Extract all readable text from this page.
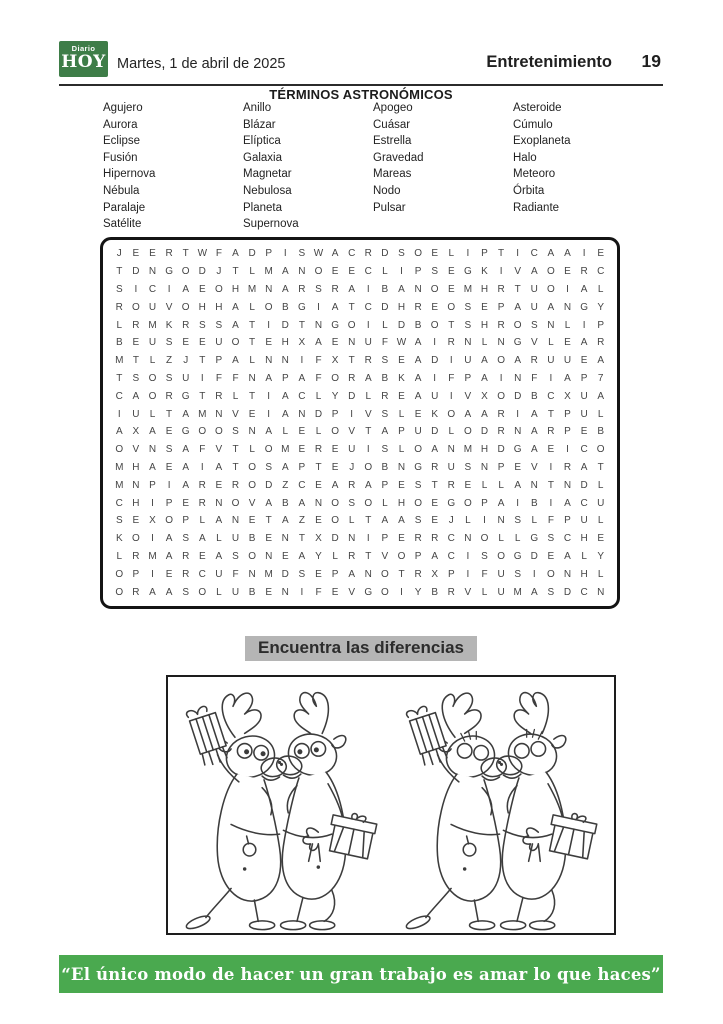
Diario
HOY Martes, 1 de abril de 2025	Entretenimiento 19
TÉRMINOS ASTRONÓMICOS
Agujero
Aurora
Eclipse
Fusión
Hipernova
Nébula
Paralaje
Satélite
Anillo
Blázar
Elíptica
Galaxia
Magnetar
Nebulosa
Planeta
Supernova
Apogeo
Cuásar
Estrella
Gravedad
Mareas
Nodo
Pulsar
Asteroide
Cúmulo
Exoplaneta
Halo
Meteoro
Órbita
Radiante
J	E E R T W F	A D P	I	S W A C R D S O E	L	I	P	T	I	C A A	I	E
T D N G O D	J	T	L M A N O E E C	L	I	P S E G K	I	V A O E R C
S	I	C	I	A E O H M N A R S R A	I	B A N O E M H R T U O	I	A	L
R O U V O H H A	L O B G	I	A	T C D H R E O S E P A U A N G Y
L	R M K R S S A	T	I	D T N G O	I	L	D B O T	S H R O S N	L	I	P
B E U S E E U O T	E H X A E N U F W A	I	R N	L	N G V	L	E A R
M T	L	Z	J	T	P A	L	N N	I	F	X	T R S E A D	I	U A O A R U U E A
T	S O S U	I	F	F N A P A	F O R A B K A	I	F	P A	I	N F	I	A P	7
C A O R G T R	L	T	I	A C	L	Y D	L	R E A U	I	V X O D B C X U A
I	U	L	T	A M N V E	I	A N D P	I	V S	L	E K O A A R	I	A	T	P U	L
A X A E G O O S N A	L	E	L O V	T	A P U D	L O D R N A R P E B
O V N S A	F	V	T	L O M E R E U	I	S	L O A N M H D G A E	I	C O
M H A E A	I	A	T O S A P	T	E	J	O B N G R U S N P E V	I	R A	T
M N P	I	A R E R O D Z C E A R A P E S	T R E	L	L	A N T N D	L
C H	I	P E R N O V A B A N O S O L	H O E G O P A	I	B	I	A C U
S E X O P	L	A N E	T	A	Z	E O L	T	A A S E	J	L	I	N S	L	F	P U	L
K O	I	A S A	L	U B E N T	X D N	I	P E R R C N O L	L G S C H E
L	R M A R E A S O N E A Y	L	R T	V O P A C	I	S O G D E A	L	Y
O P	I	E R C U F N M D S E P A N O T R X P	I	F U S	I	O N H	L
O R A A S O L	U B E N	I	F	E V G O	I	Y B R V	L	U M A S D C N
Encuentra las diferencias
“El único modo de hacer un gran trabajo es amar lo que haces”
